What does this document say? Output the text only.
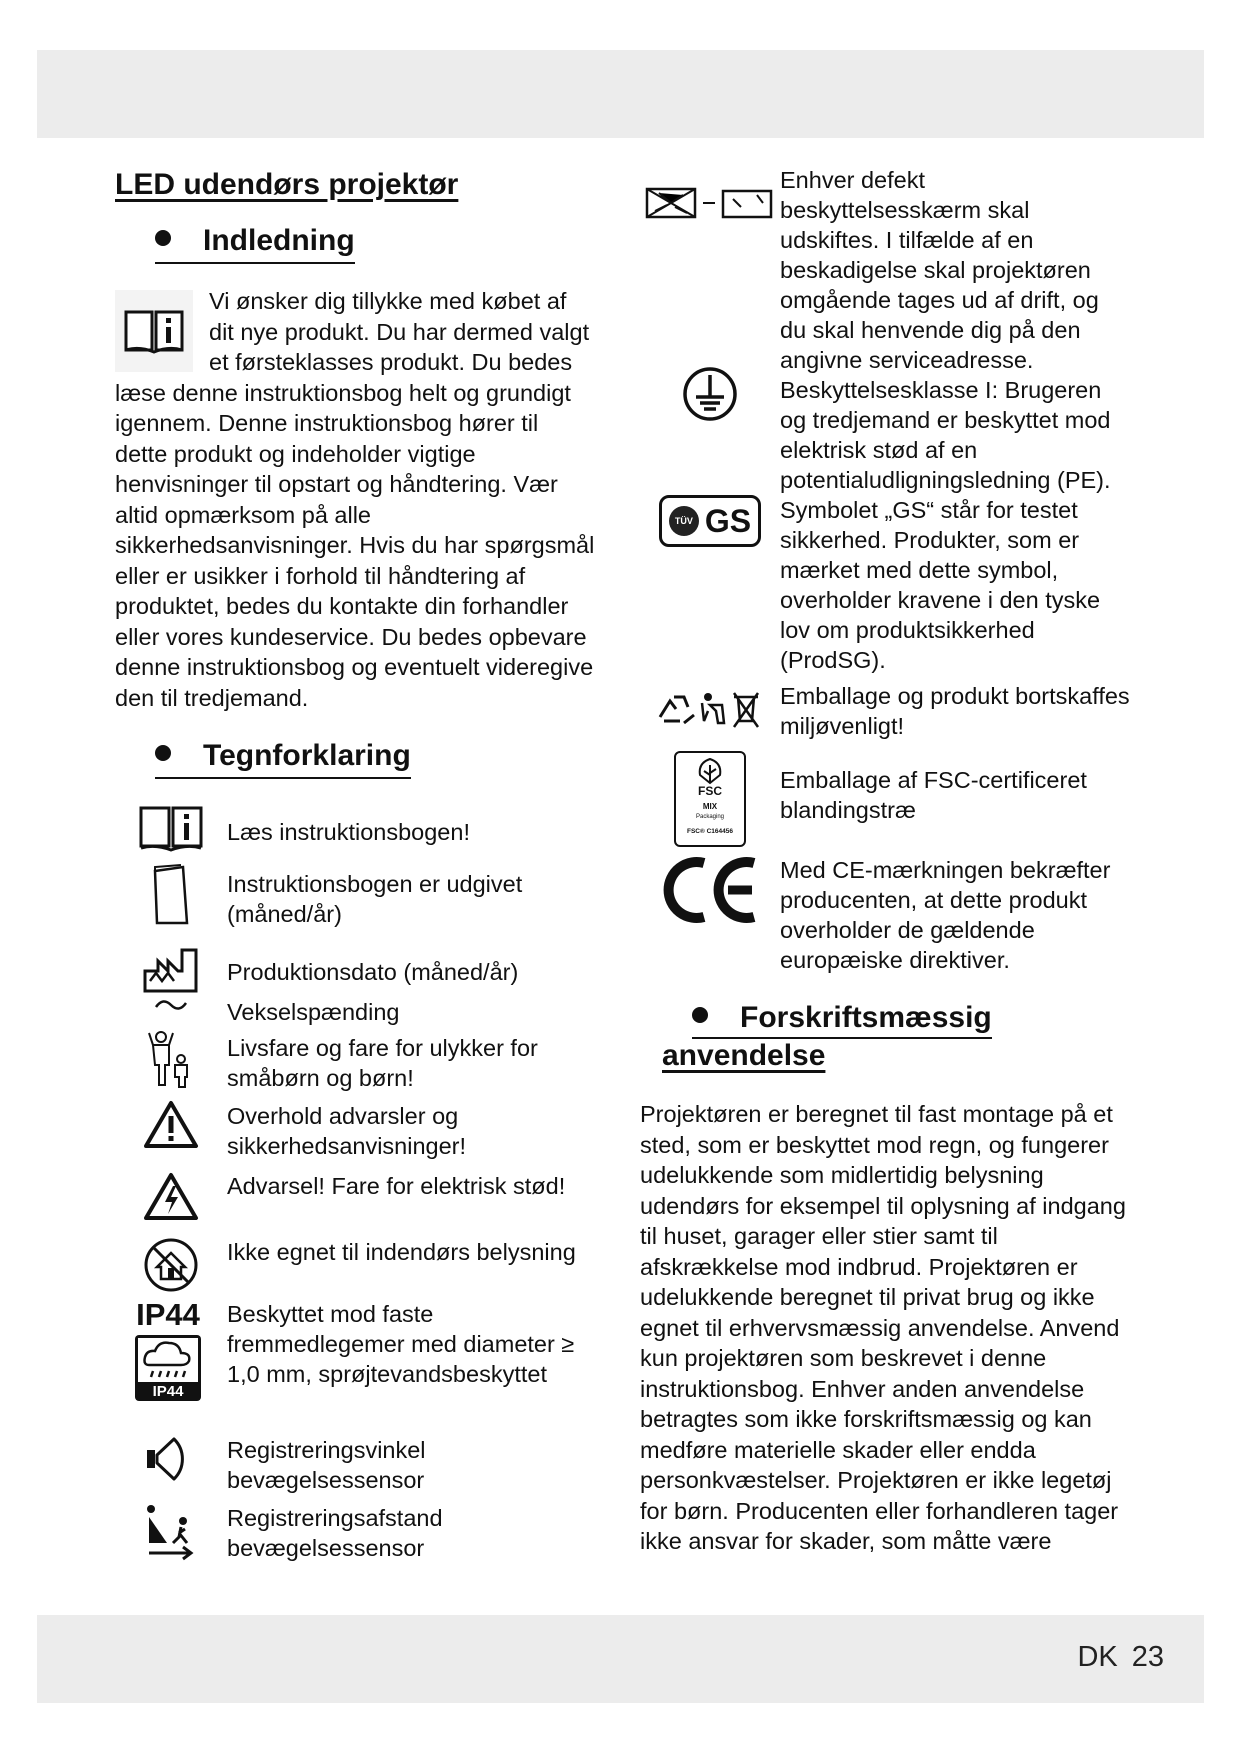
LED udendørs projektør
Indledning

Vi ønsker dig tillykke med købet af dit nye produkt. Du har dermed valgt et førsteklasses produkt. Du bedes læse denne instruktionsbog helt og grundigt igennem. Denne instruktionsbog hører til dette produkt og indeholder vigtige henvisninger til opstart og håndtering. Vær altid opmærksom på alle sikkerhedsanvisninger. Hvis du har spørgsmål eller er usikker i forhold til håndtering af produktet, bedes du kontakte din forhandler eller vores kundeservice. Du bedes opbevare denne instruktionsbog og eventuelt videregive den til tredjemand.

Tegnforklaring
Læs instruktionsbogen!
Instruktionsbogen er udgivet (måned/år)
Produktionsdato (måned/år)
Vekselspænding
Livsfare og fare for ulykker for småbørn og børn!
Overhold advarsler og sikkerhedsanvisninger!
Advarsel! Fare for elektrisk stød!
Ikke egnet til indendørs belysning
IP44
IP44
Beskyttet mod faste fremmedlegemer med diameter ≥ 1,0 mm, sprøjtevandsbeskyttet
Registreringsvinkel bevægelsessensor
Registreringsafstand bevægelsessensor
Enhver defekt beskyttelsesskærm skal udskiftes. I tilfælde af en beskadigelse skal projektøren omgående tages ud af drift, og du skal henvende dig på den angivne serviceadresse.
Beskyttelsesklasse I: Brugeren og tredjemand er beskyttet mod elektrisk stød af en potentialudligningsledning (PE).
TÜV GS Symbolet „GS“ står for testet sikkerhed. Produkter, som er mærket med dette symbol, overholder kravene i den tyske lov om produktsikkerhed (ProdSG).
Emballage og produkt bortskaffes miljøvenligt!
FSC
MIX
Packaging
FSC® C164456
Emballage af FSC-certificeret blandingstræ
Med CE-mærkningen bekræfter producenten, at dette produkt overholder de gældende europæiske direktiver.
Forskriftsmæssig
anvendelse

Projektøren er beregnet til fast montage på et sted, som er beskyttet mod regn, og fungerer udelukkende som midlertidig belysning udendørs for eksempel til oplysning af indgang til huset, garager eller stier samt til afskrækkelse mod indbrud. Projektøren er udelukkende beregnet til privat brug og ikke egnet til erhvervsmæssig anvendelse. Anvend kun projektøren som beskrevet i denne instruktionsbog. Enhver anden anvendelse betragtes som ikke forskriftsmæssig og kan medføre materielle skader eller endda personkvæstelser. Projektøren er ikke legetøj for børn. Producenten eller forhandleren tager ikke ansvar for skader, som måtte være

DK 23
